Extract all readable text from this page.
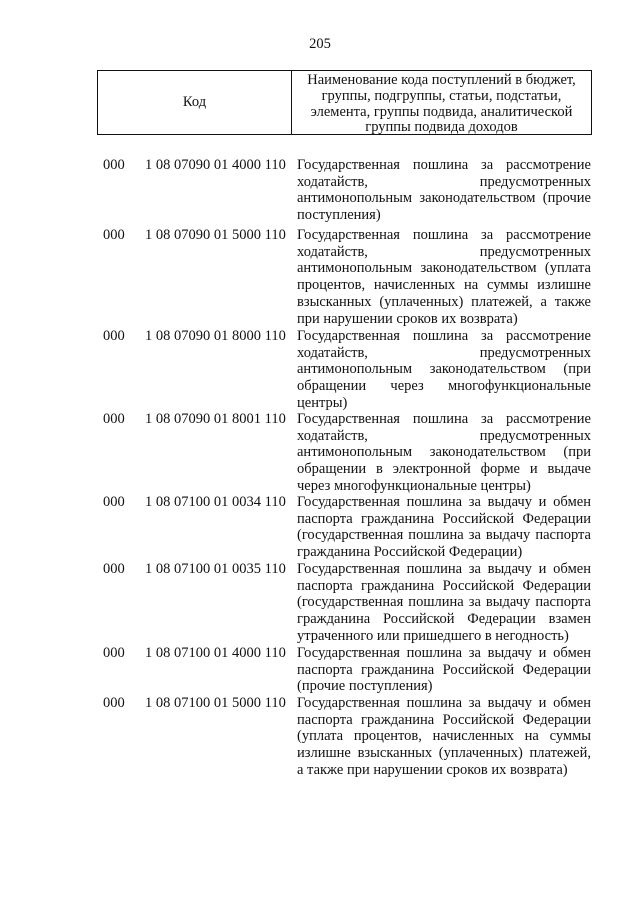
205
Код
Наименование кода поступлений в бюджет,
группы, подгруппы, статьи, подстатьи,
элемента, группы подвида, аналитической
группы подвида доходов
000 1 08 07090 01 4000 110 Государственная пошлина за рассмотрение
ходатайств, предусмотренных
антимонопольным законодательством (прочие
поступления)
000 1 08 07090 01 5000 110 Государственная пошлина за рассмотрение
ходатайств, предусмотренных
антимонопольным законодательством (уплата
процентов, начисленных на суммы излишне
взысканных (уплаченных) платежей, а также
при нарушении сроков их возврата)
000 1 08 07090 01 8000 110 Государственная пошлина за рассмотрение
ходатайств, предусмотренных
антимонопольным законодательством (при
обращении через многофункциональные
центры)
000 1 08 07090 01 8001 110 Государственная пошлина за рассмотрение
ходатайств, предусмотренных
антимонопольным законодательством (при
обращении в электронной форме и выдаче
через многофункциональные центры)
000 1 08 07100 01 0034 110 Государственная пошлина за выдачу и обмен
паспорта гражданина Российской Федерации
(государственная пошлина за выдачу паспорта
гражданина Российской Федерации)
000 1 08 07100 01 0035 110 Государственная пошлина за выдачу и обмен
паспорта гражданина Российской Федерации
(государственная пошлина за выдачу паспорта
гражданина Российской Федерации взамен
утраченного или пришедшего в негодность)
000 1 08 07100 01 4000 110 Государственная пошлина за выдачу и обмен
паспорта гражданина Российской Федерации
(прочие поступления)
000 1 08 07100 01 5000 110 Государственная пошлина за выдачу и обмен
паспорта гражданина Российской Федерации
(уплата процентов, начисленных на суммы
излишне взысканных (уплаченных) платежей,
а также при нарушении сроков их возврата)
